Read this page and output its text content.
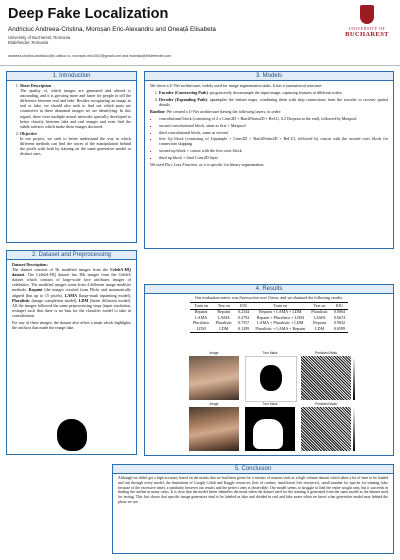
Deep Fake Localization
Andriciuc Andreea-Cristina, Moroșan Eric-Alexandru and Oneață Elisabeta
University of Bucharest, Romania
Bitdefender, Romania
andreea-cristina.andriciuc@s.unibuc.ro, morosan.eric2002@gmail.com and eoneata@bitdefender.com
UNIVERSITY OF
BUCHAREST
1. Introduction
1. Short Description
The quality of, which images are generated and altered is astounding, and it is growing more and faster for people to tell the difference between real and fake. Besides recognizing an image as real or fake, we should also seek to find out which parts are counterfeit in these abnormal images we are identifying. In this regard, there were multiple neural networks specially developed to better classify between fake and real images and even find the subtle artifacts which make these images doctored.
2. Objective
In our project, we seek to better understand the way in which different methods can find the traces of the manipulation behind the pixels with both by training on the same generative model or distinct ones.
2. Dataset and Preprocessing
Dataset Description:

The dataset consists of 9k modified images from the CelebA-HQ dataset. The CelebA-HQ dataset has 30k images from the CelebA dataset which consists of large-scale face attributes images of celebrities. The modified images come from 4 different image modifier methods: Repaint (the images crawled from Flickr and automatically aligned (but up to 15 pixels), LAMA (large-mask inpainting model), Pluralistic (image completion model), LDM (latent diffusion model). All the images followed the same preprocessing steps (input resolution, reshape) such that there is no bias for the classifier model to take in consideration.

For any of these images, the dataset also offers a mask which highlights the artifacts that made the image fake.

3. Models

We chose a U-Net architecture, widely used for image segmentation tasks. It has a symmetrical structure:

1. Encoder (Contracting Path): progressively downsample the input image, capturing features at different scales.
2. Decoder (Expanding Path): upsamples the feature maps, combining them with skip connections from the encoder to recover spatial details.

Baseline: We created a U-Net architecture having the following layers, in order:

• convolutional block (consisting of 2 x Conv2D + BatchNorm2D + ReLU, 0.2 Dropout at the end), followed by Maxpool
• second convolutional block, same as first + Maxpool
• third convolutional block, same as second
• first Up block (consisting of Upsample + Conv2D + BatchNorm2D + ReLU), followed by concat with the second conv block for connection skipping
• second up block + concat with the first conv block
• third up block + final Conv2D layer

We used Dice Loss Function, as it is specific for binary segmentation.

4. Results
Our evaluation metric was Intersection over Union, and we obtained the following results:
Train on	Test on	IOU	Train on	Test on	IOU
Repaint	Repaint	0.2344	Repaint + LAMA + LDM	Pluralistic	0.0064
LAMA	LAMA	0.4792	Repaint + Pluralistic + LDM	LAMA	0.6674
Pluralistic	Pluralistic	0.7557	LAMA + Pluralistic + LDM	Repaint	0.9832
LDM	LDM	0.1299	Pluralistic + LAMA + Repaint	LDM	0.6599
Image	True Mask	Predicted Mask
Image	True Mask	Predicted Mask
5. Conclusion
Although we didn't get a high accuracy based on the masks that we had been given for a various of reasons such as a high volume dataset which takes a lot of time to be loaded and run through every model, the limitations of Google Colab and Kaggle resources (lots of crashes, insufficient free resources), small number for epochs for training (also because of the excessive time), a similarity between our results and the perfect ones is observable. Our model seems to struggle to find the entire sought area, but it succeeds in finding the outline in many cases. It is clear that the model better identifies the mask when the dataset used for the training is generated from the same model as the dataset used for testing. This fact shows that specific image generators tend to be labeled as fake and divided in real and fake zones when we know what generative model may behind the photo we are.
